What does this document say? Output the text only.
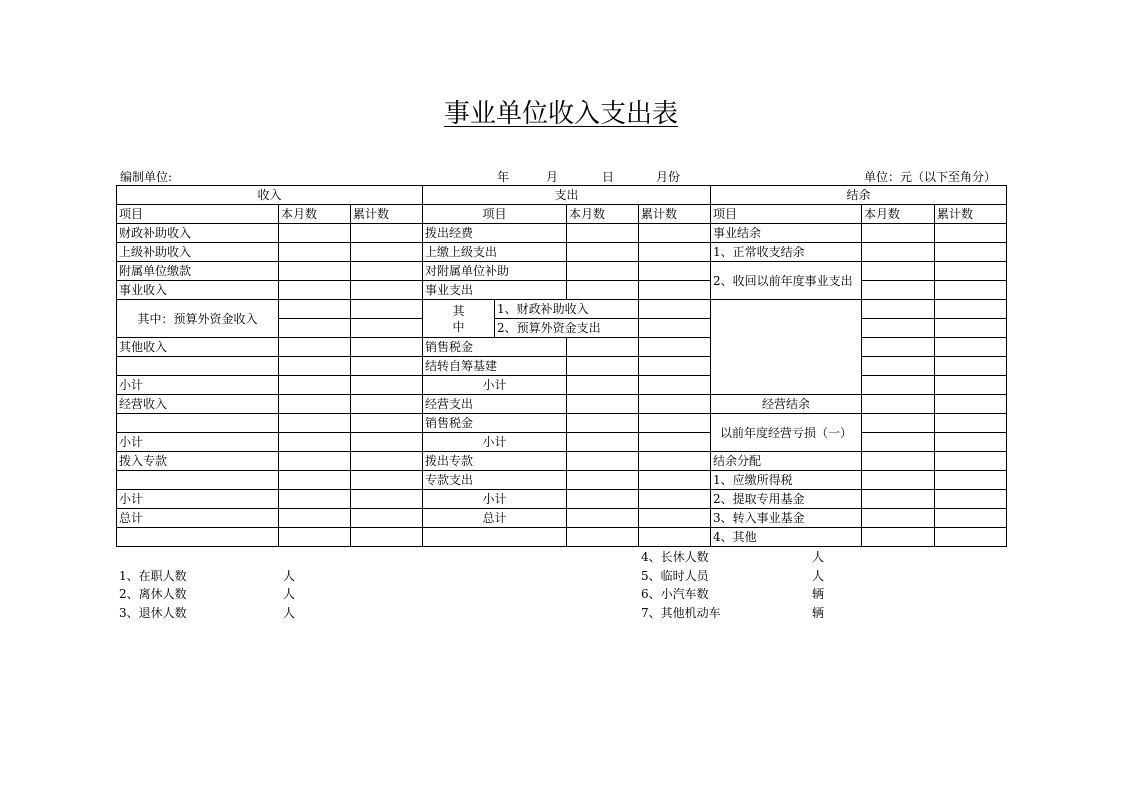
事业单位收入支出表
编制单位:	年	月	日	月份	单位：元（以下至角分）
收入			支出				结余		
项目	本月数	累计数	项目		本月数	累计数	项目	本月数	累计数
财政补助收入			拨出经费				事业结余		
上级补助收入			上缴上级支出				1、正常收支结余		
附属单位缴款			对附属单位补助				2、收回以前年度事业支出		
事业收入			事业支出						
其中：预算外资金收入			其
中	1、财政补助收入					
				2、预算外资金支出					
其他收入			销售税金						
			结转自筹基建						
小计			小计						
经营收入			经营支出				经营结余		
			销售税金				以前年度经营亏损（一）		
小计			小计						
拨入专款			拨出专款				结余分配		
			专款支出				1、应缴所得税		
小计			小计				2、提取专用基金		
总计			总计				3、转入事业基金		
							4、其他		
4、长休人数	人
1、在职人数	人	5、临时人员	人
2、离休人数	人	6、小汽车数	辆
3、退休人数	人	7、其他机动车	辆
